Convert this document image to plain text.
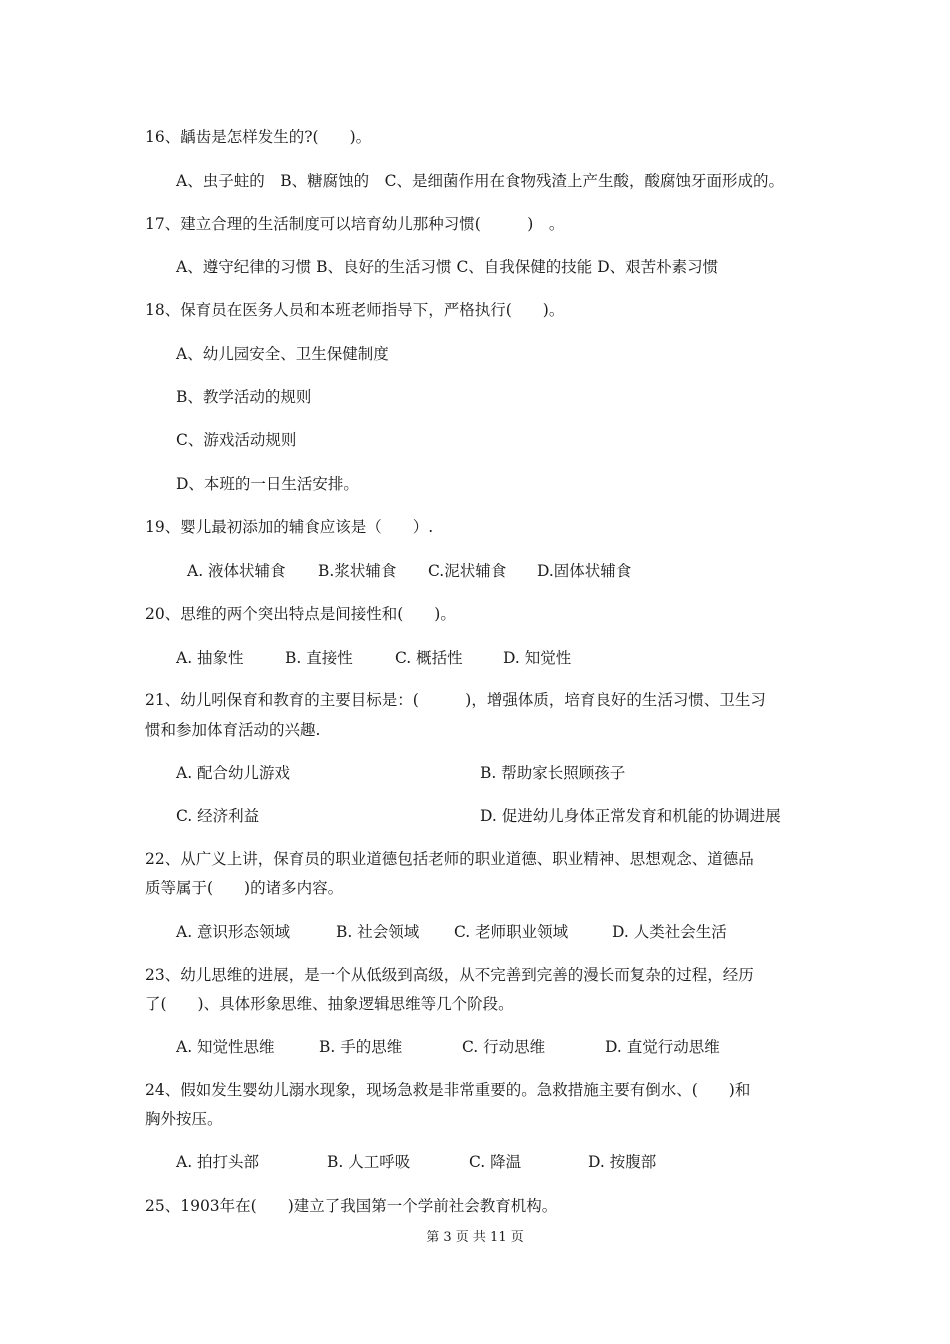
16、龋齿是怎样发生的?(　　)。
A、虫子蛀的　B、糖腐蚀的　C、是细菌作用在食物残渣上产生酸，酸腐蚀牙面形成的。
17、建立合理的生活制度可以培育幼儿那种习惯(　　　)　。
A、遵守纪律的习惯 B、良好的生活习惯 C、自我保健的技能 D、艰苦朴素习惯
18、保育员在医务人员和本班老师指导下，严格执行(　　)。
A、幼儿园安全、卫生保健制度
B、教学活动的规则
C、游戏活动规则
D、本班的一日生活安排。
19、婴儿最初添加的辅食应该是（　　）.
A. 液体状辅食 B.浆状辅食 C.泥状辅食 D.固体状辅食
20、思维的两个突出特点是间接性和(　　)。
A. 抽象性	B. 直接性	C. 概括性	D. 知觉性
21、幼儿吲保育和教育的主要目标是：(　　　)，增强体质，培育良好的生活习惯、卫生习
惯和参加体育活动的兴趣.
A. 配合幼儿游戏	B. 帮助家长照顾孩子
C. 经济利益	D. 促进幼儿身体正常发育和机能的协调进展
22、从广义上讲，保育员的职业道德包括老师的职业道德、职业精神、思想观念、道德品
质等属于(　　)的诸多内容。
A. 意识形态领域	B. 社会领域 C. 老师职业领域	D. 人类社会生活
23、幼儿思维的进展，是一个从低级到高级，从不完善到完善的漫长而复杂的过程，经历
了(　　)、具体形象思维、抽象逻辑思维等几个阶段。
A. 知觉性思维	B. 手的思维	C. 行动思维	D. 直觉行动思维
24、假如发生婴幼儿溺水现象，现场急救是非常重要的。急救措施主要有倒水、(　　)和
胸外按压。
A. 拍打头部	B. 人工呼吸	C. 降温	D. 按腹部
25、1903年在(　　)建立了我国第一个学前社会教育机构。
第 3 页 共 11 页
